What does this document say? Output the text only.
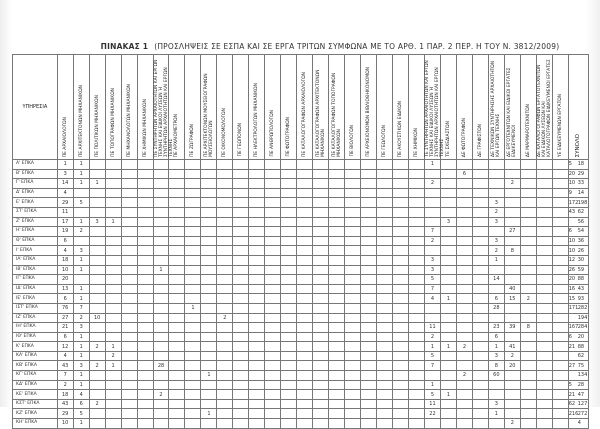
ΠΙΝΑΚΑΣ 1 (ΠΡΟΣΛΗΨΕΙΣ ΣΕ ΕΣΠΑ ΚΑΙ ΣΕ ΕΡΓΑ ΤΡΙΤΩΝ ΣΥΜΦΩΝΑ ΜΕ ΤΟ ΑΡΘ. 1 ΠΑΡ. 2 ΠΕΡ. Η ΤΟΥ Ν. 3812/2009)
ΥΠΗΡΕΣΙΑ	ΠΕ ΑΡΧΑΙΟΛΟΓΩΝ	ΠΕ ΑΡΧΙΤΕΚΤΟΝΩΝ ΜΗΧΑΝΙΚΩΝ	ΠΕ ΠΟΛΙΤΙΚΩΝ ΜΗΧΑΝΙΚΩΝ	ΠΕ ΤΟΠΟΓΡΑΦΩΝ ΜΗΧΑΝΙΚΩΝ	ΠΕ ΜΗΧΑΝΟΛΟΓΩΝ ΜΗΧΑΝΙΚΩΝ	ΠΕ ΧΗΜΙΚΩΝ ΜΗΧΑΝΙΚΩΝ	ΠΕ ΣΥΝΤΗΡΗΤΩΝ ΑΡΧΑΙΟΤΗΤΩΝ ΚΑΙ ΕΡΓΩΝ ΤΕΧΝΗΣ ΚΑΙ ΕΙΔΙΚΟΙ ΛΥΣΕΩΝ Ή ΣΥΝΤΗΡΗΤΩΝ ΑΡΧΑΙΟΤΗΤΩΝ ΚΑΙ ΕΡΓΩΝ ΤΕΧΝΗΣ	ΠΕ ΑΡΧΑΙΟΜΕΤΡΩΝ	ΠΕ ΖΩΓΡΑΦΩΝ	ΠΕ ΑΡΧΙΤΕΚΤΟΝΩΝ ΜΟΥΣΕΙΟΓΡΑΦΩΝ ΜΟΥΣΕΙΟΛΟΓΩΝ	ΠΕ ΟΙΚΟΝΟΜΟΛΟΓΩΝ	ΠΕ ΓΕΩΠΟΝΩΝ	ΠΕ ΗΛΕΚΤΡΟΛΟΓΩΝ ΜΗΧΑΝΙΚΩΝ	ΠΕ ΑΝΘΡΩΠΟΛΟΓΩΝ	ΠΕ ΦΩΤΟΓΡΑΦΩΝ	ΠΕ ΚΑΤΑΛΟΓΟΓΡΑΦΩΝ ΑΡΧΑΙΟΛΟΓΩΝ	ΠΕ ΚΑΤΑΛΟΓΟΓΡΑΦΩΝ ΑΡΧΙΤΕΚΤΟΝΩΝ ΜΗΧΑΝΙΚΩΝ	ΠΕ ΚΑΤΑΛΟΓΟΓΡΑΦΩΝ ΤΟΠΟΓΡΑΦΩΝ ΜΗΧΑΝΙΚΩΝ	ΠΕ ΒΙΟΛΟΓΩΝ	ΠΕ ΑΡΧΕΙΟΝΟΜΩΝ ΒΙΒΛΙΟΘΗΚΟΝΟΜΩΝ	ΠΕ ΓΕΩΛΟΓΩΝ	ΠΕ ΑΚΟΥΣΤΙΚΩΝ ΕΙΔΙΚΩΝ	ΠΕ ΧΗΜΙΚΩΝ	ΤΕ ΣΥΝΤΗΡΗΤΩΝ ΑΡΧΑΙΟΤΗΤΩΝ ΚΑΙ ΕΡΓΩΝ ΤΕΧΝΗΣ ΚΑΙ ΕΙΔΙΚΟΙ ΛΥΣΕΩΝ Ή ΣΥΝΤΗΡΗΤΩΝ ΑΡΧΑΙΟΤΗΤΩΝ ΚΑΙ ΕΡΓΩΝ ΤΕΧΝΗΣ	ΤΕ ΣΧΕΔΙΑΣΤΩΝ	ΔΕ ΦΩΤΟΓΡΑΦΩΝ	ΔΕ ΓΡΑΦΙΣΤΩΝ	ΔΕ ΤΕΧΝΙΚΩΝ ΣΥΝΤΗΡΗΣΗΣ ΑΡΧΑΙΟΤΗΤΩΝ ΚΑΙ ΕΡΓΩΝ ΤΕΧΝΗΣ	ΔΕ ΕΡΓΟΤΕΧΝΙΤΩΝ ΚΑΙ ΕΙΔΙΚΟΙ ΕΡΓΑΤΕΣ ΕΙΔΙΚΕΥΜΕΝΟΙ	ΔΕ ΜΑΡΜΑΡΟΤΕΧΝΙΤΩΝ	ΔΕ ΚΑΤΑΛΟΓΟΓΡΑΦΩΝ ΕΡΓΑΤΟΤΕΧΝΙΤΩΝ ΚΑΙ ΕΙΔΙΚΩΝ ΛΥΣΕΩΝ ΚΑΙ ΚΑΤΑΛΟΓΟΓΡΑΦΩΝ ΕΙΔΙΚΕΥΜΕΝΟΙ ΕΡΓΑΤΕΣ	ΥΕ ΕΙΔΙΚΕΥΜΕΝΩΝ ΕΡΓΑΤΩΝ	ΣΥΝΟΛΟ
Α' ΕΠΚΑ	1	1																						1									5 18
Β' ΕΠΚΑ	3	1																								6							20 29
Γ' ΕΠΚΑ	14	1	1																					2					2				10 33
Δ' ΕΠΚΑ	4																																9 14
Ε' ΕΠΚΑ	29	5																										3					172198
ΣΤ' ΕΠΚΑ	11																											2					43 62
Ζ' ΕΠΚΑ	17	1	3	1																					3			3					56
Η' ΕΠΚΑ	19	2																						7					27				6 54
Θ' ΕΠΚΑ	6																							2				3					10 36
Ι' ΕΠΚΑ	4	3																										2	8				10 26
ΙΑ' ΕΠΚΑ	18	1																						3				1					12 30
ΙΒ' ΕΠΚΑ	10	1					1																	3									26 59
ΙΓ' ΕΠΚΑ	20																							5				14					20 88
ΙΔ' ΕΠΚΑ	13	1																						7					40				16 43
ΙΕ' ΕΠΚΑ	6	1																						4	1			6	15	2			15 93
ΙΣΤ' ΕΠΚΑ	76	7							1																			28					171282
ΙΖ' ΕΠΚΑ	27	2	10								2																						194
ΙΗ' ΕΠΚΑ	21	3																						11				23	39	8			167284
ΙΘ' ΕΠΚΑ	6	1																						2				6					6 20
Κ' ΕΠΚΑ	12	1	2	1																				1	1	2		1	41				21 88
ΚΑ' ΕΠΚΑ	4	1		2																				5				3	2				62
ΚΒ' ΕΠΚΑ	43	3	2	1			28																	7				8	20				27 75
ΚΓ' ΕΠΚΑ	7	1								1																2		60					134
ΚΔ' ΕΠΚΑ	2	1																						1									5 28
ΚΕ' ΕΠΚΑ	18	4					2																	5	1								21 47
ΚΣΤ' ΕΠΚΑ	43	6	2																					11				3					62 127
ΚΖ' ΕΠΚΑ	29	5								1														22				1					216272
ΚΗ' ΕΠΚΑ	10	1																											2				4
